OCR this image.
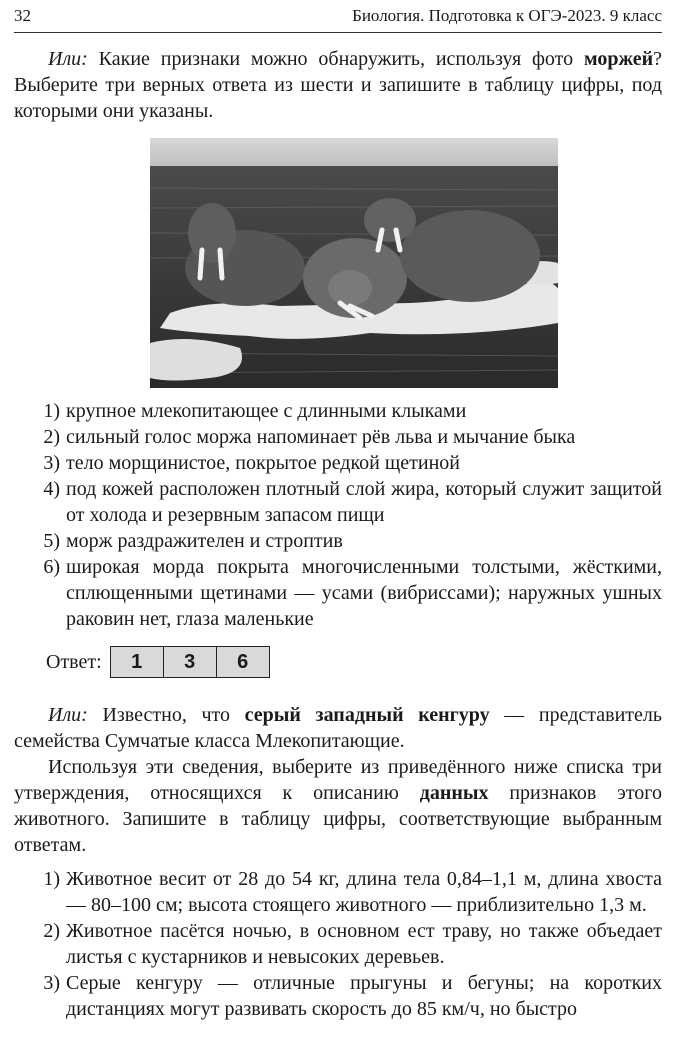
32	Биология. Подготовка к ОГЭ-2023. 9 класс

Или: Какие признаки можно обнаружить, используя фото моржей? Выберите три верных ответа из шести и запишите в таблицу цифры, под которыми они указаны.

1) крупное млекопитающее с длинными клыками
2) сильный голос моржа напоминает рёв льва и мычание быка
3) тело морщинистое, покрытое редкой щетиной
4) под кожей расположен плотный слой жира, который служит защитой от холода и резервным запасом пищи
5) морж раздражителен и строптив
6) широкая морда покрыта многочисленными толстыми, жёсткими, сплющенными щетинами — усами (вибриссами); наружных ушных раковин нет, глаза маленькие
Ответ:	1	3	6

Или: Известно, что серый западный кенгуру — представитель семейства Сумчатые класса Млекопитающие.

Используя эти сведения, выберите из приведённого ниже списка три утверждения, относящихся к описанию данных признаков этого животного. Запишите в таблицу цифры, соответствующие выбранным ответам.

1) Животное весит от 28 до 54 кг, длина тела 0,84–1,1 м, длина хвоста — 80–100 см; высота стоящего животного — приблизительно 1,3 м.
2) Животное пасётся ночью, в основном ест траву, но также объедает листья с кустарников и невысоких деревьев.
3) Серые кенгуру — отличные прыгуны и бегуны; на коротких дистанциях могут развивать скорость до 85 км/ч, но быстро
